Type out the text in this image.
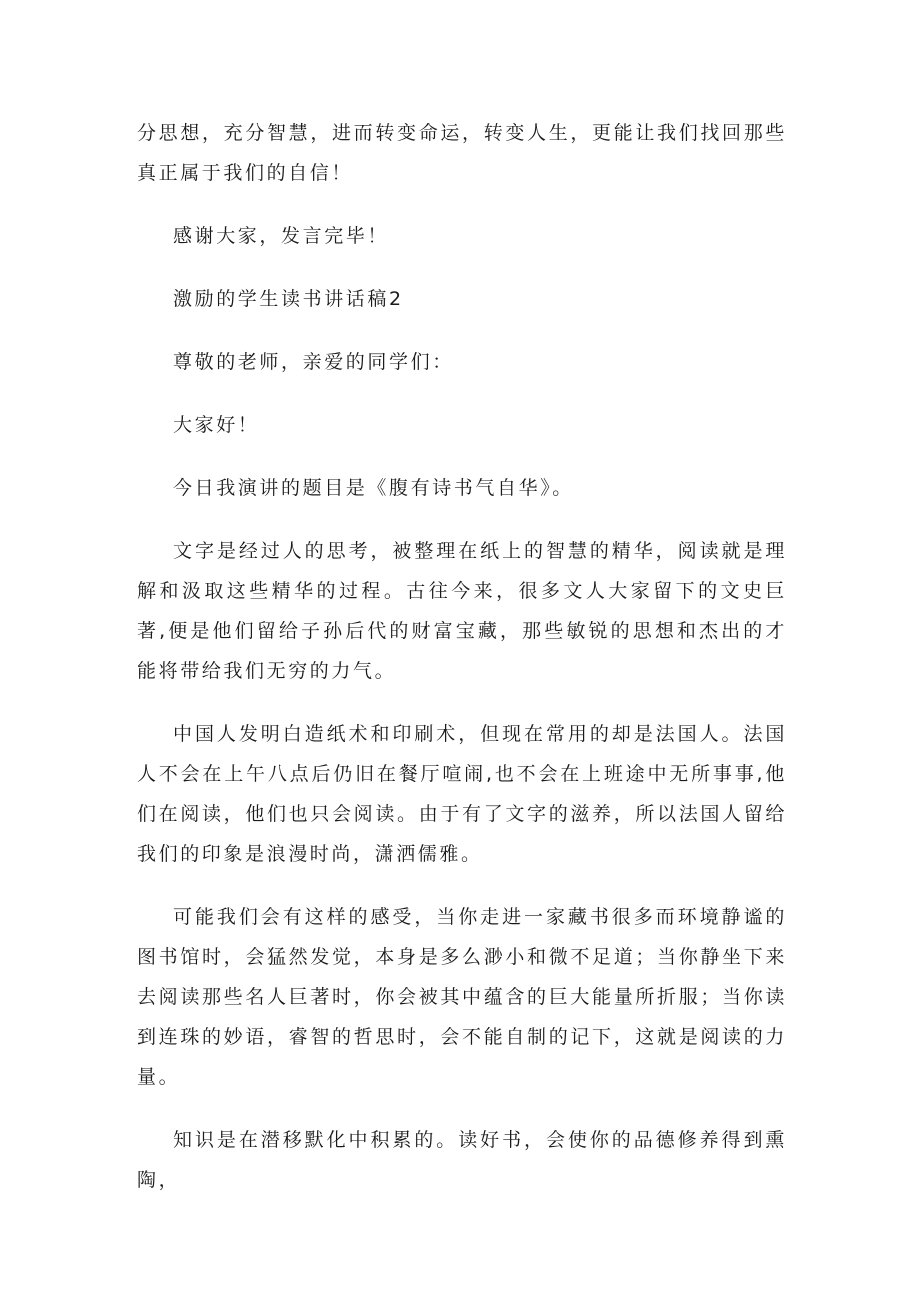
分思想，充分智慧，进而转变命运，转变人生，更能让我们找回那些真正属于我们的自信！

感谢大家，发言完毕！

激励的学生读书讲话稿2

尊敬的老师，亲爱的同学们：

大家好！

今日我演讲的题目是《腹有诗书气自华》。

文字是经过人的思考，被整理在纸上的智慧的精华，阅读就是理解和汲取这些精华的过程。古往今来，很多文人大家留下的文史巨著,便是他们留给子孙后代的财富宝藏，那些敏锐的思想和杰出的才能将带给我们无穷的力气。

中国人发明白造纸术和印刷术，但现在常用的却是法国人。法国人不会在上午八点后仍旧在餐厅喧闹,也不会在上班途中无所事事,他们在阅读，他们也只会阅读。由于有了文字的滋养，所以法国人留给我们的印象是浪漫时尚，潇洒儒雅。

可能我们会有这样的感受，当你走进一家藏书很多而环境静谧的图书馆时，会猛然发觉，本身是多么渺小和微不足道；当你静坐下来去阅读那些名人巨著时，你会被其中蕴含的巨大能量所折服；当你读到连珠的妙语，睿智的哲思时，会不能自制的记下，这就是阅读的力量。

知识是在潜移默化中积累的。读好书，会使你的品德修养得到熏陶，
